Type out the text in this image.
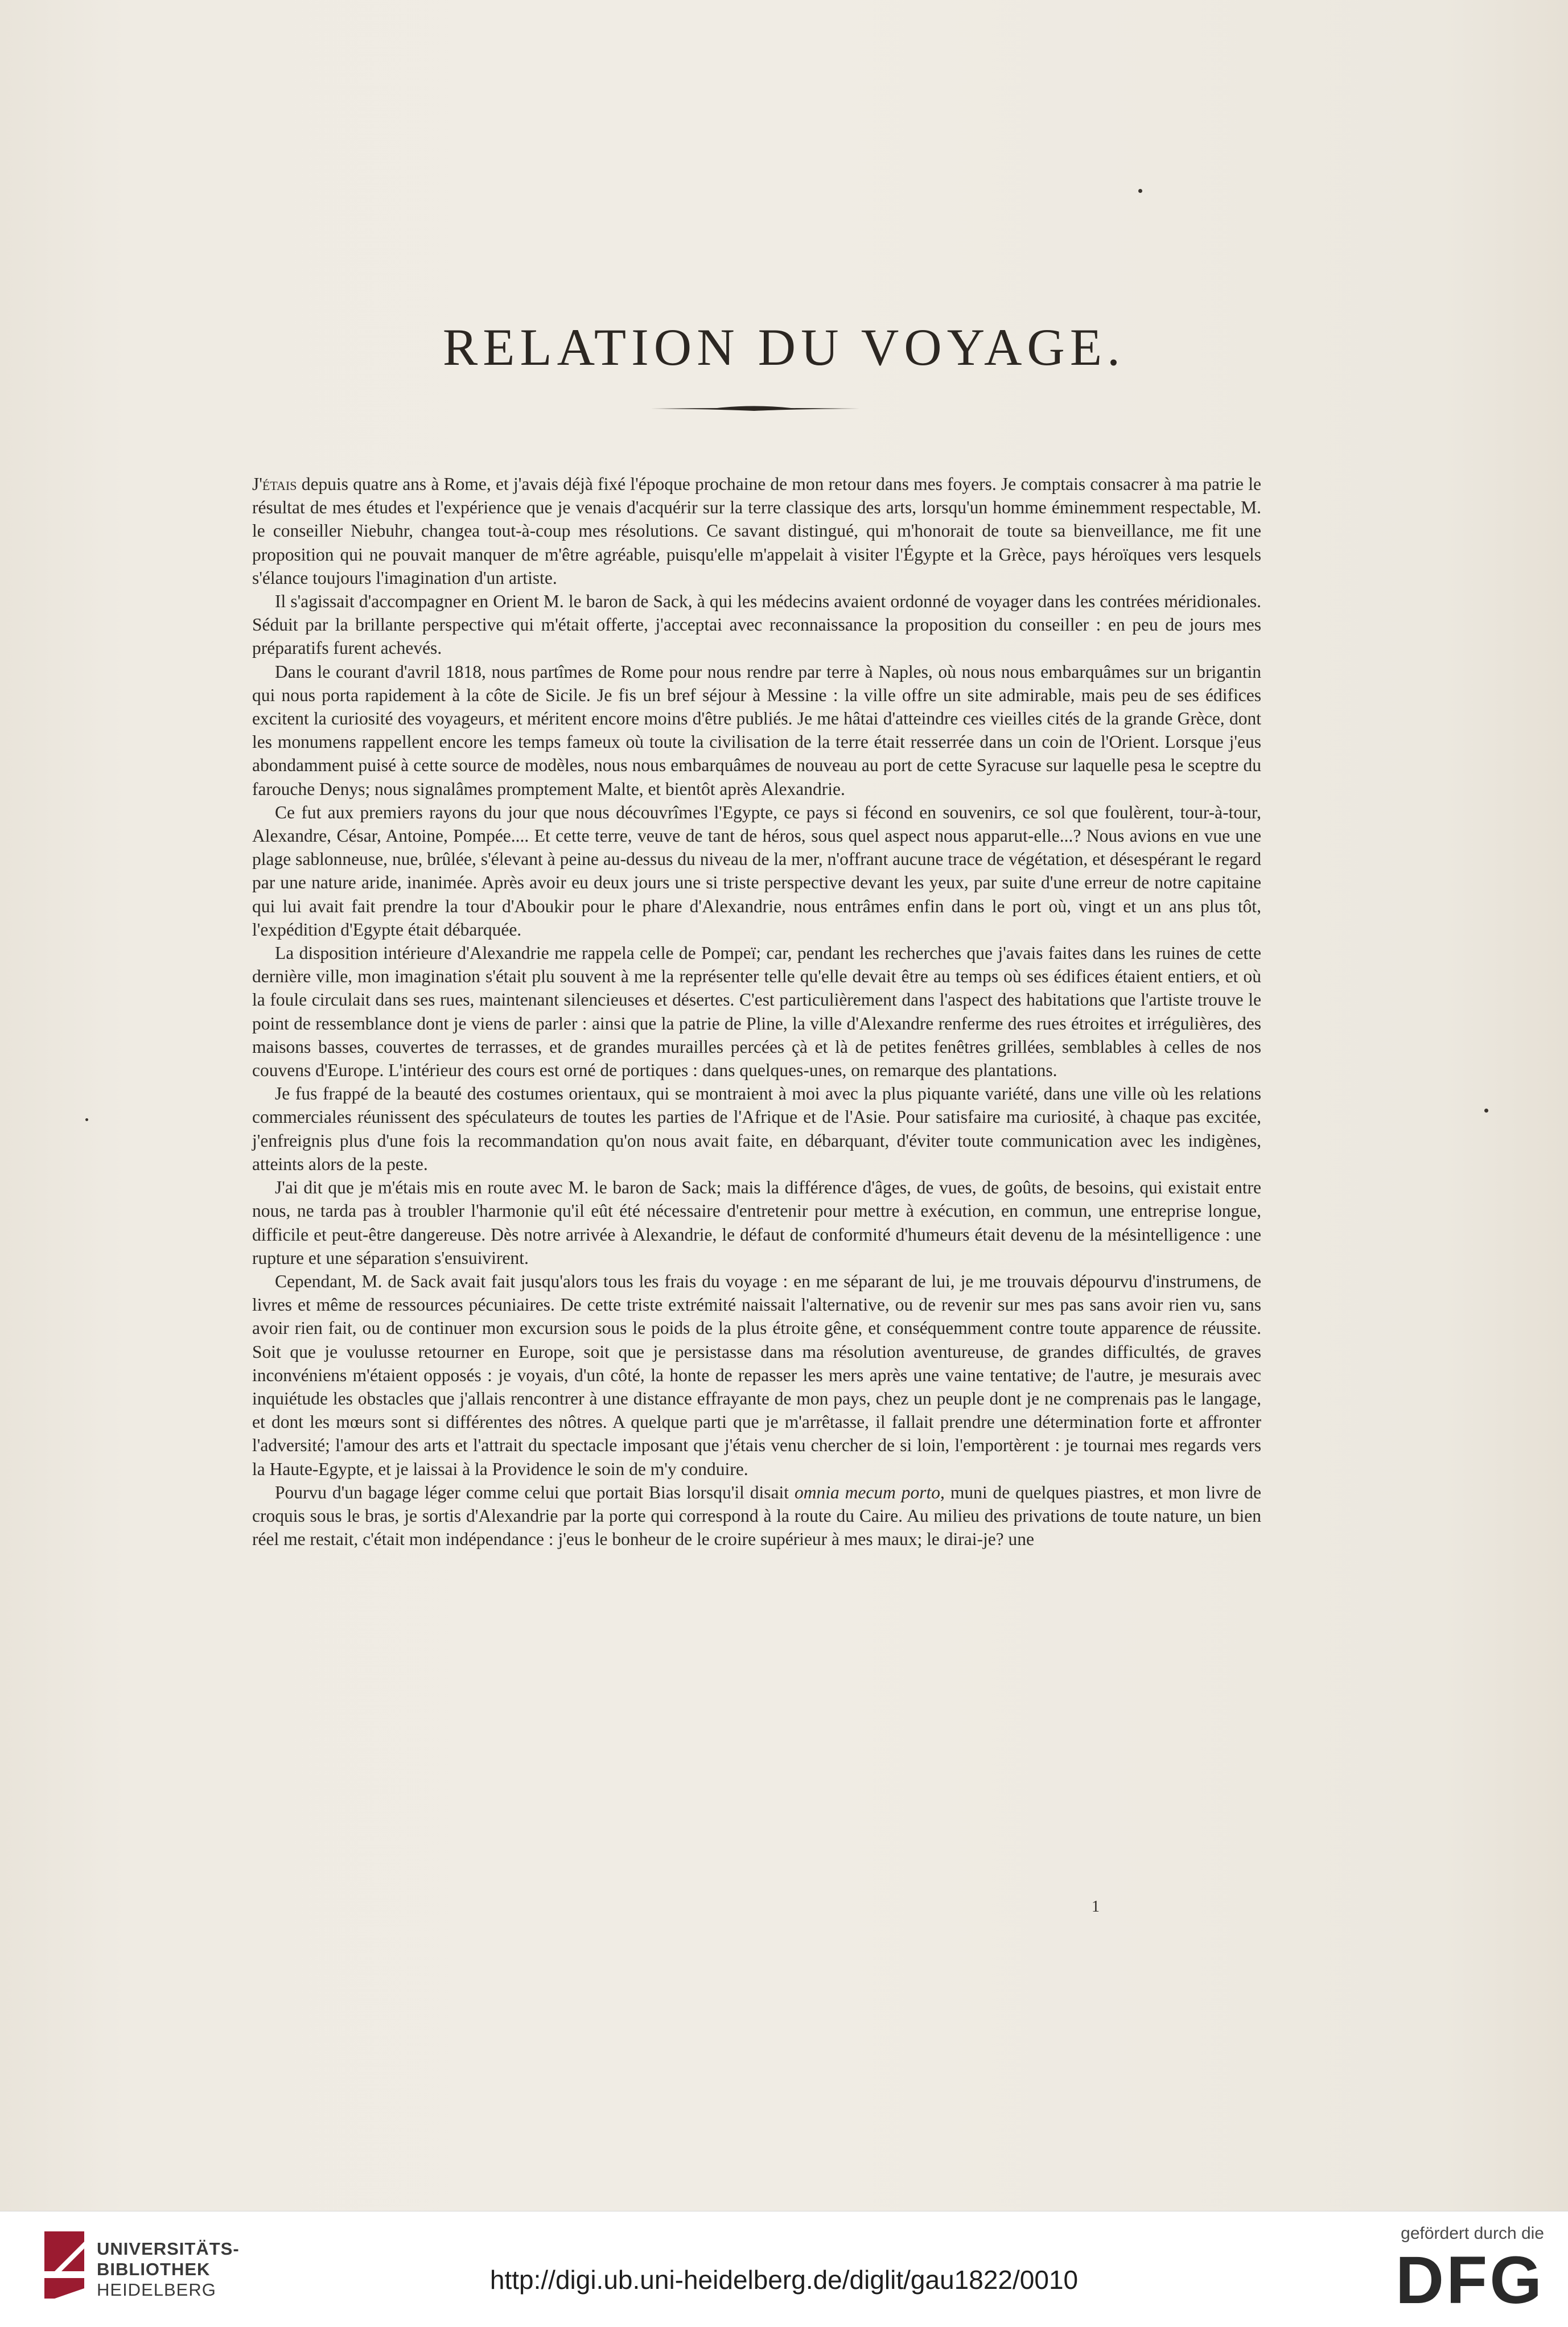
RELATION DU VOYAGE.

J'étais depuis quatre ans à Rome, et j'avais déjà fixé l'époque prochaine de mon retour dans mes foyers. Je comptais consacrer à ma patrie le résultat de mes études et l'expérience que je venais d'acquérir sur la terre classique des arts, lorsqu'un homme éminemment respectable, M. le conseiller Niebuhr, changea tout-à-coup mes résolutions. Ce savant distingué, qui m'honorait de toute sa bienveillance, me fit une proposition qui ne pouvait manquer de m'être agréable, puisqu'elle m'appelait à visiter l'Égypte et la Grèce, pays héroïques vers lesquels s'élance toujours l'imagination d'un artiste.

Il s'agissait d'accompagner en Orient M. le baron de Sack, à qui les médecins avaient ordonné de voyager dans les contrées méridionales. Séduit par la brillante perspective qui m'était offerte, j'acceptai avec reconnaissance la proposition du conseiller : en peu de jours mes préparatifs furent achevés.

Dans le courant d'avril 1818, nous partîmes de Rome pour nous rendre par terre à Naples, où nous nous embarquâmes sur un brigantin qui nous porta rapidement à la côte de Sicile. Je fis un bref séjour à Messine : la ville offre un site admirable, mais peu de ses édifices excitent la curiosité des voyageurs, et méritent encore moins d'être publiés. Je me hâtai d'atteindre ces vieilles cités de la grande Grèce, dont les monumens rappellent encore les temps fameux où toute la civilisation de la terre était resserrée dans un coin de l'Orient. Lorsque j'eus abondamment puisé à cette source de modèles, nous nous embarquâmes de nouveau au port de cette Syracuse sur laquelle pesa le sceptre du farouche Denys; nous signalâmes promptement Malte, et bientôt après Alexandrie.

Ce fut aux premiers rayons du jour que nous découvrîmes l'Egypte, ce pays si fécond en souvenirs, ce sol que foulèrent, tour-à-tour, Alexandre, César, Antoine, Pompée.... Et cette terre, veuve de tant de héros, sous quel aspect nous apparut-elle...? Nous avions en vue une plage sablonneuse, nue, brûlée, s'élevant à peine au-dessus du niveau de la mer, n'offrant aucune trace de végétation, et désespérant le regard par une nature aride, inanimée. Après avoir eu deux jours une si triste perspective devant les yeux, par suite d'une erreur de notre capitaine qui lui avait fait prendre la tour d'Aboukir pour le phare d'Alexandrie, nous entrâmes enfin dans le port où, vingt et un ans plus tôt, l'expédition d'Egypte était débarquée.

La disposition intérieure d'Alexandrie me rappela celle de Pompeï; car, pendant les recherches que j'avais faites dans les ruines de cette dernière ville, mon imagination s'était plu souvent à me la représenter telle qu'elle devait être au temps où ses édifices étaient entiers, et où la foule circulait dans ses rues, maintenant silencieuses et désertes. C'est particulièrement dans l'aspect des habitations que l'artiste trouve le point de ressemblance dont je viens de parler : ainsi que la patrie de Pline, la ville d'Alexandre renferme des rues étroites et irrégulières, des maisons basses, couvertes de terrasses, et de grandes murailles percées çà et là de petites fenêtres grillées, semblables à celles de nos couvens d'Europe. L'intérieur des cours est orné de portiques : dans quelques-unes, on remarque des plantations.

Je fus frappé de la beauté des costumes orientaux, qui se montraient à moi avec la plus piquante variété, dans une ville où les relations commerciales réunissent des spéculateurs de toutes les parties de l'Afrique et de l'Asie. Pour satisfaire ma curiosité, à chaque pas excitée, j'enfreignis plus d'une fois la recommandation qu'on nous avait faite, en débarquant, d'éviter toute communication avec les indigènes, atteints alors de la peste.

J'ai dit que je m'étais mis en route avec M. le baron de Sack; mais la différence d'âges, de vues, de goûts, de besoins, qui existait entre nous, ne tarda pas à troubler l'harmonie qu'il eût été nécessaire d'entretenir pour mettre à exécution, en commun, une entreprise longue, difficile et peut-être dangereuse. Dès notre arrivée à Alexandrie, le défaut de conformité d'humeurs était devenu de la mésintelligence : une rupture et une séparation s'ensuivirent.

Cependant, M. de Sack avait fait jusqu'alors tous les frais du voyage : en me séparant de lui, je me trouvais dépourvu d'instrumens, de livres et même de ressources pécuniaires. De cette triste extrémité naissait l'alternative, ou de revenir sur mes pas sans avoir rien vu, sans avoir rien fait, ou de continuer mon excursion sous le poids de la plus étroite gêne, et conséquemment contre toute apparence de réussite. Soit que je voulusse retourner en Europe, soit que je persistasse dans ma résolution aventureuse, de grandes difficultés, de graves inconvéniens m'étaient opposés : je voyais, d'un côté, la honte de repasser les mers après une vaine tentative; de l'autre, je mesurais avec inquiétude les obstacles que j'allais rencontrer à une distance effrayante de mon pays, chez un peuple dont je ne comprenais pas le langage, et dont les mœurs sont si différentes des nôtres. A quelque parti que je m'arrêtasse, il fallait prendre une détermination forte et affronter l'adversité; l'amour des arts et l'attrait du spectacle imposant que j'étais venu chercher de si loin, l'emportèrent : je tournai mes regards vers la Haute-Egypte, et je laissai à la Providence le soin de m'y conduire.

Pourvu d'un bagage léger comme celui que portait Bias lorsqu'il disait omnia mecum porto, muni de quelques piastres, et mon livre de croquis sous le bras, je sortis d'Alexandrie par la porte qui correspond à la route du Caire. Au milieu des privations de toute nature, un bien réel me restait, c'était mon indépendance : j'eus le bonheur de le croire supérieur à mes maux; le dirai-je? une

1
UNIVERSITÄTS-
BIBLIOTHEK
HEIDELBERG	http://digi.ub.uni-heidelberg.de/diglit/gau1822/0010
gefördert durch die
DFG
